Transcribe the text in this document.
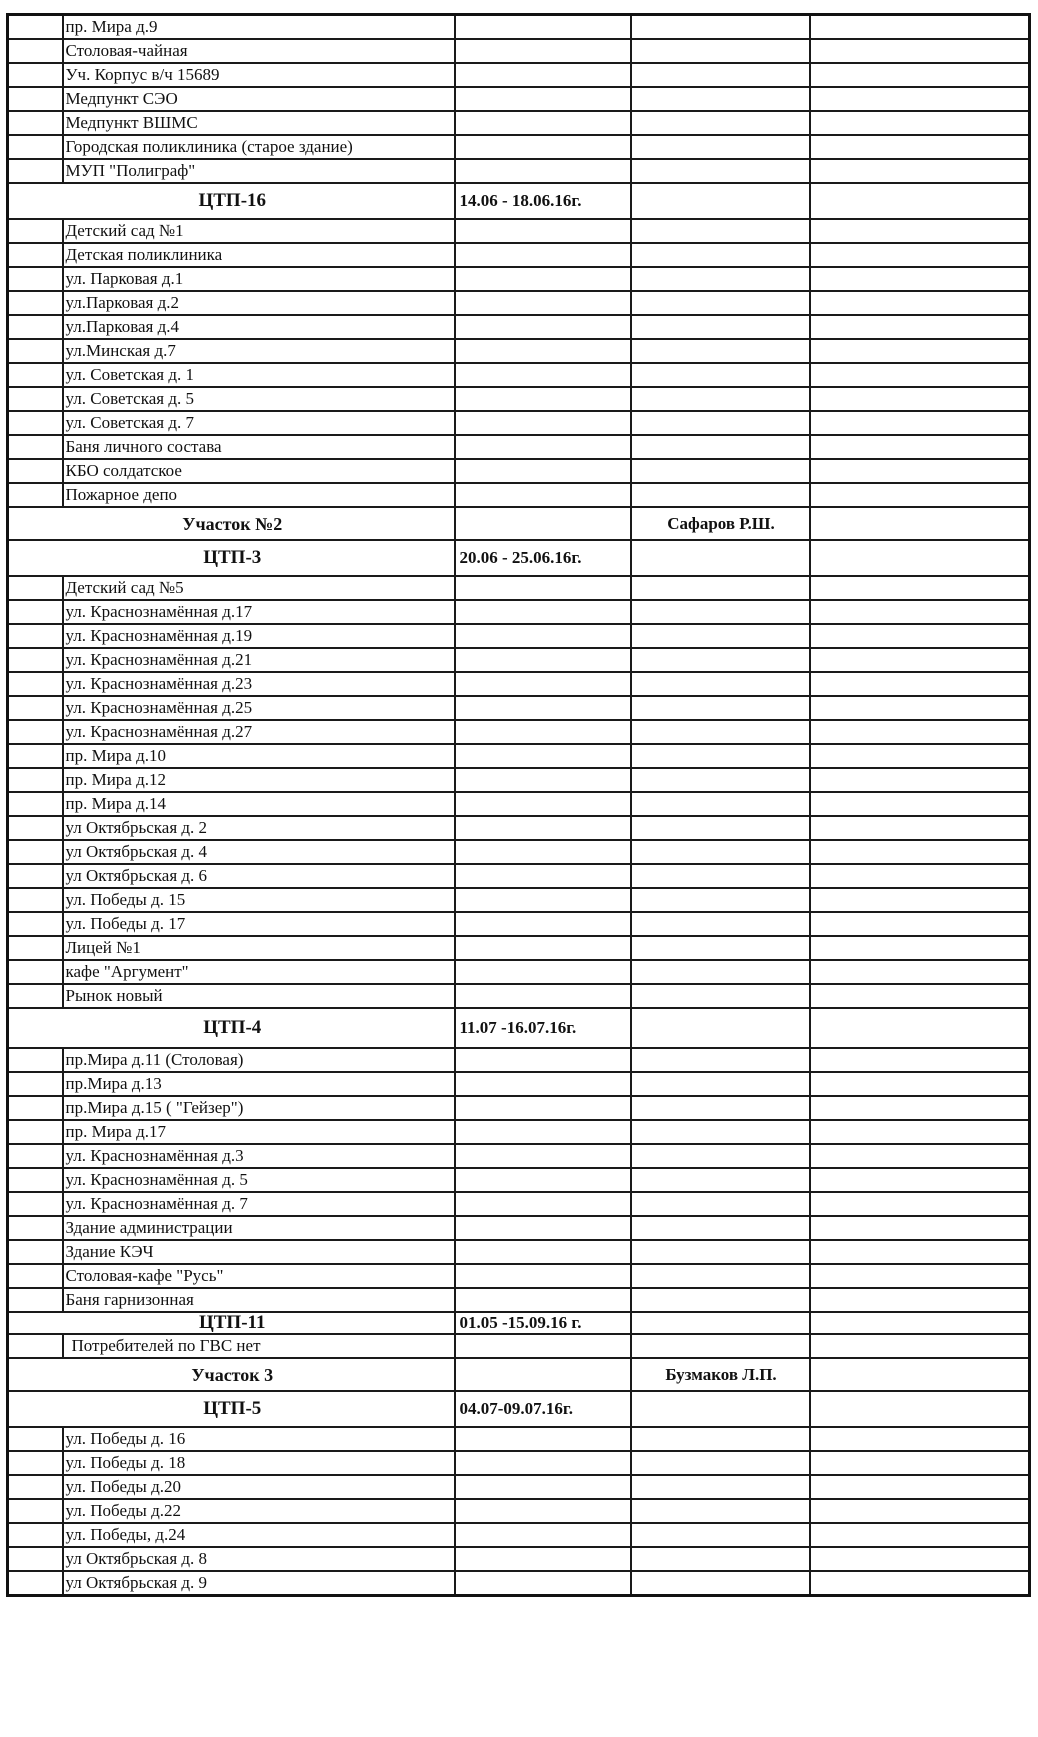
	пр. Мира д.9			
	Столовая-чайная			
	Уч. Корпус в/ч 15689			
	Медпункт СЭО			
	Медпункт ВШМС			
	Городская поликлиника (старое здание)			
	МУП "Полиграф"			
ЦТП-16		14.06 - 18.06.16г.		
	Детский сад №1			
	Детская поликлиника			
	ул. Парковая д.1			
	ул.Парковая д.2			
	ул.Парковая д.4			
	ул.Минская д.7			
	ул. Советская д. 1			
	ул. Советская д. 5			
	ул. Советская д. 7			
	Баня личного состава			
	КБО солдатское			
	Пожарное депо			
Участок №2			Сафаров Р.Ш.	
ЦТП-3		20.06 - 25.06.16г.		
	Детский сад №5			
	ул. Краснознамённая д.17			
	ул. Краснознамённая д.19			
	ул. Краснознамённая д.21			
	ул. Краснознамённая д.23			
	ул. Краснознамённая д.25			
	ул. Краснознамённая д.27			
	пр. Мира д.10			
	пр. Мира д.12			
	пр. Мира д.14			
	ул Октябрьская д. 2			
	ул Октябрьская д. 4			
	ул Октябрьская д. 6			
	ул. Победы д. 15			
	ул. Победы д. 17			
	Лицей №1			
	кафе "Аргумент"			
	Рынок новый			
ЦТП-4		11.07 -16.07.16г.		
	пр.Мира д.11 (Столовая)			
	пр.Мира д.13			
	пр.Мира д.15 ( "Гейзер")			
	пр. Мира д.17			
	ул. Краснознамённая д.3			
	ул. Краснознамённая д. 5			
	ул. Краснознамённая д. 7			
	Здание администрации			
	Здание КЭЧ			
	Столовая-кафе "Русь"			
	Баня гарнизонная			
ЦТП-11		01.05 -15.09.16 г.		
	Потребителей по ГВС нет			
Участок 3			Бузмаков Л.П.	
ЦТП-5		04.07-09.07.16г.		
	ул. Победы д. 16			
	ул. Победы д. 18			
	ул. Победы д.20			
	ул. Победы д.22			
	ул. Победы, д.24			
	ул Октябрьская д. 8			
	ул Октябрьская д. 9			
